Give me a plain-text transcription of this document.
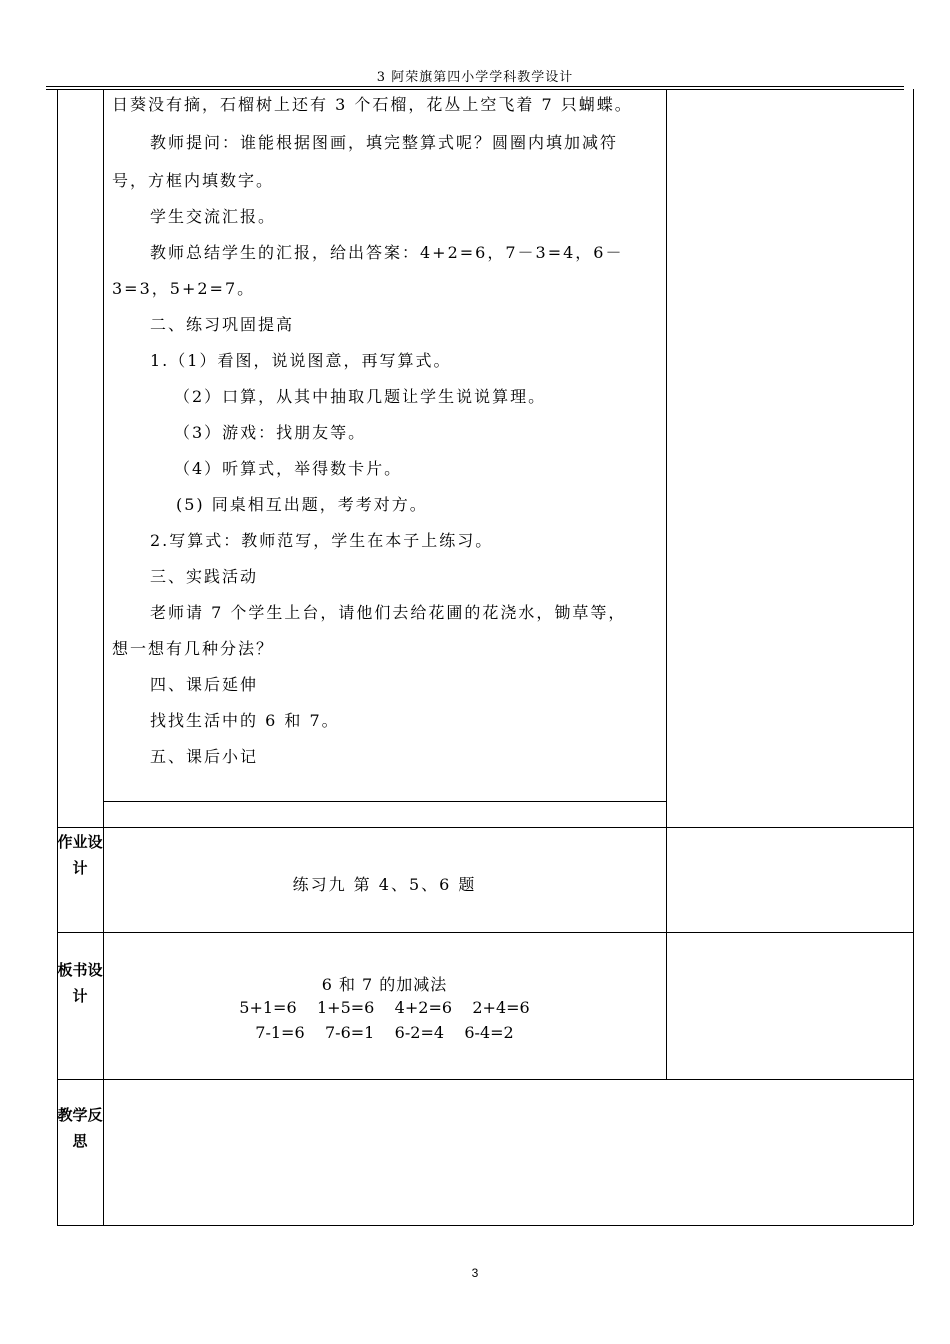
3 阿荣旗第四小学学科教学设计
日葵没有摘，石榴树上还有 3 个石榴，花丛上空飞着 7 只蝴蝶。
教师提问：谁能根据图画，填完整算式呢？圆圈内填加减符
号，方框内填数字。
学生交流汇报。
教师总结学生的汇报，给出答案：4+2=6，7－3=4，6－
3=3，5+2=7。
二、练习巩固提高
1.（1）看图，说说图意，再写算式。
（2）口算，从其中抽取几题让学生说说算理。
（3）游戏：找朋友等。
（4）听算式，举得数卡片。
(5) 同桌相互出题，考考对方。
2.写算式：教师范写，学生在本子上练习。
三、实践活动
老师请 7 个学生上台，请他们去给花圃的花浇水，锄草等，
想一想有几种分法？
四、课后延伸
找找生活中的 6 和 7。
五、课后小记
作业设计
练习九 第 4、5、6 题
板书设计
6 和 7 的加减法
5+1=6    1+5=6    4+2=6    2+4=6
7-1=6    7-6=1    6-2=4    6-4=2
教学反思
3
